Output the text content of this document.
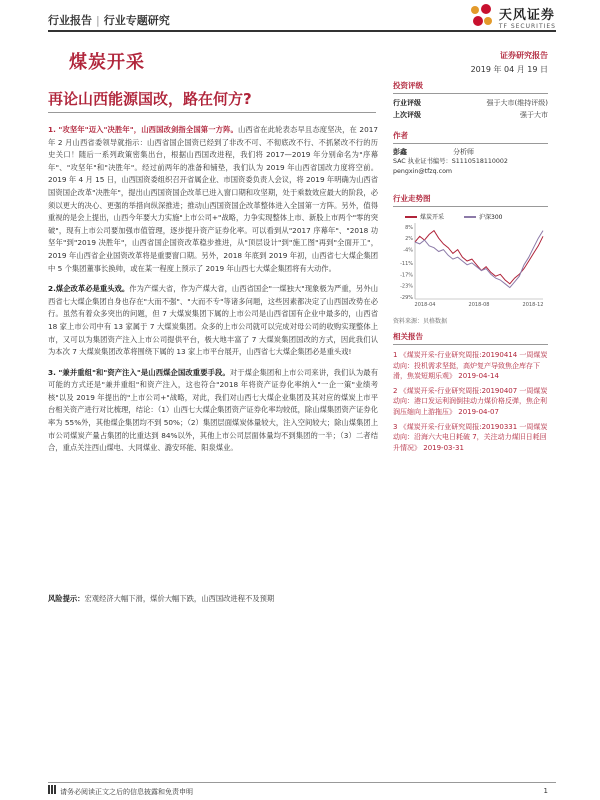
行业报告 | 行业专题研究	天风证券
TF SECURITIES
煤炭开采	证券研究报告
2019 年 04 月 19 日
再论山西能源国改，路在何方?

1. "攻坚年"迈入"决胜年"，山西国改剑指全国第一方阵。山西省在此轮表态早且态度坚决，在 2017 年 2 月山西省委领导就指示：山西省国企国资已经到了非改不可、不彻底改不行、不抓紧改不行的历史关口！随后一系列政策密集出台，根据山西国改进程，我们将 2017—2019 年分别命名为"序幕年"、"攻坚年"和"决胜年"。经过前两年的准备和铺垫，我们认为 2019 年山西省国改力度将空前。2019 年 4 月 15 日，山西国资委组织召开省属企业、市国资委负责人会议，将 2019 年明确为山西省国资国企改革"决胜年"，提出山西国资国企改革已进入窗口期和攻坚期，处于乘数效应最大的阶段，必须以更大的决心、更强的举措向纵深推进；推动山西国资国企改革整体进入全国第一方阵。另外，值得重视的是会上提出，山西今年要大力实施"上市公司+"战略，力争实现整体上市、新股上市两个"零的突破"，现有上市公司要加强市值管理，逐步提升资产证券化率。可以看到从"2017 序幕年"、"2018 功坚年"到"2019 决胜年"，山西省国企国资改革稳步推进，从"顶层设计"到"施工图"再到"全面开工"，2019 年山西省企业国资改革将是重要窗口期。另外，2018 年底到 2019 年初，山西省七大煤企集团中 5 个集团董事长换帅，或在某一程度上预示了 2019 年山西七大煤企集团将有大动作。

2.煤企改革必是重头戏。作为产煤大省，作为产煤大省，山西省国企"一煤独大"现象极为严重，另外山西省七大煤企集团自身也存在"大而不强"、"大而不专"等诸多问题，这些因素都决定了山西国改势在必行。虽然有着众多突出的问题，但 7 大煤炭集团下属的上市公司是山西省国有企业中最多的，山西省 18 家上市公司中有 13 家属于 7 大煤炭集团。众多的上市公司就可以完成对母公司的收购实现整体上市，又可以为集团资产注入上市公司提供平台，极大地丰富了 7 大煤炭集团国改的方式，因此我们认为本次 7 大煤炭集团改革将围绕下属的 13 家上市平台展开，山西省七大煤企集团必是重头戏!

3. "兼并重组"和"资产注入"是山西煤企国改重要手段。对于煤企集团和上市公司来讲，我们认为最有可能的方式还是"兼并重组"和资产注入，这也符合"2018 年将资产证券化率纳入"一企一策"业绩考核"以及 2019 年提出的"上市公司+"战略，对此，我们对山西七大煤企业集团及其对应的煤炭上市平台相关资产进行对比梳理，结论：（1）山西七大煤企集团资产证券化率均较低，除山煤集团资产证券化率为 55%外，其他煤企集团均不到 50%；（2）集团层面煤炭体量较大，注入空间较大；除山煤集团上市公司煤炭产量占集团的比重达到 84%以外，其他上市公司层面体量均不到集团的一半；（3）二者结合，重点关注西山煤电、大同煤业、潞安环能、阳泉煤业。

风险提示：宏观经济大幅下滑，煤价大幅下跌，山西国改进程不及预期
投资评级
行业评级	强于大市(维持评级)
上次评级	强于大市
作者
彭鑫	分析师
SAC 执业证书编号： S1110518110002
pengxin@tfzq.com
行业走势图
8%
2%
-4%
-11%
-17%
-23%
-29%
2018-04	2018-08	2018-12
煤炭开采	沪深300
资料来源：贝格数据
相关报告
1 《煤炭开采-行业研究周报:20190414 一周煤炭动向：投机需求坚挺，高炉复产导致焦企库存下滑，焦炭短期乐观》 2019-04-14
2 《煤炭开采-行业研究周报:20190407 一周煤炭动向：港口发运利润倒挂动力煤价格反弹，焦企利润压缩向上游拖压》 2019-04-07
3 《煤炭开采-行业研究周报:20190331 一周煤炭动向：沿海六大电日耗破 7，关注动力煤旧日耗回升情况》 2019-03-31
请务必阅读正文之后的信息披露和免责申明	1
